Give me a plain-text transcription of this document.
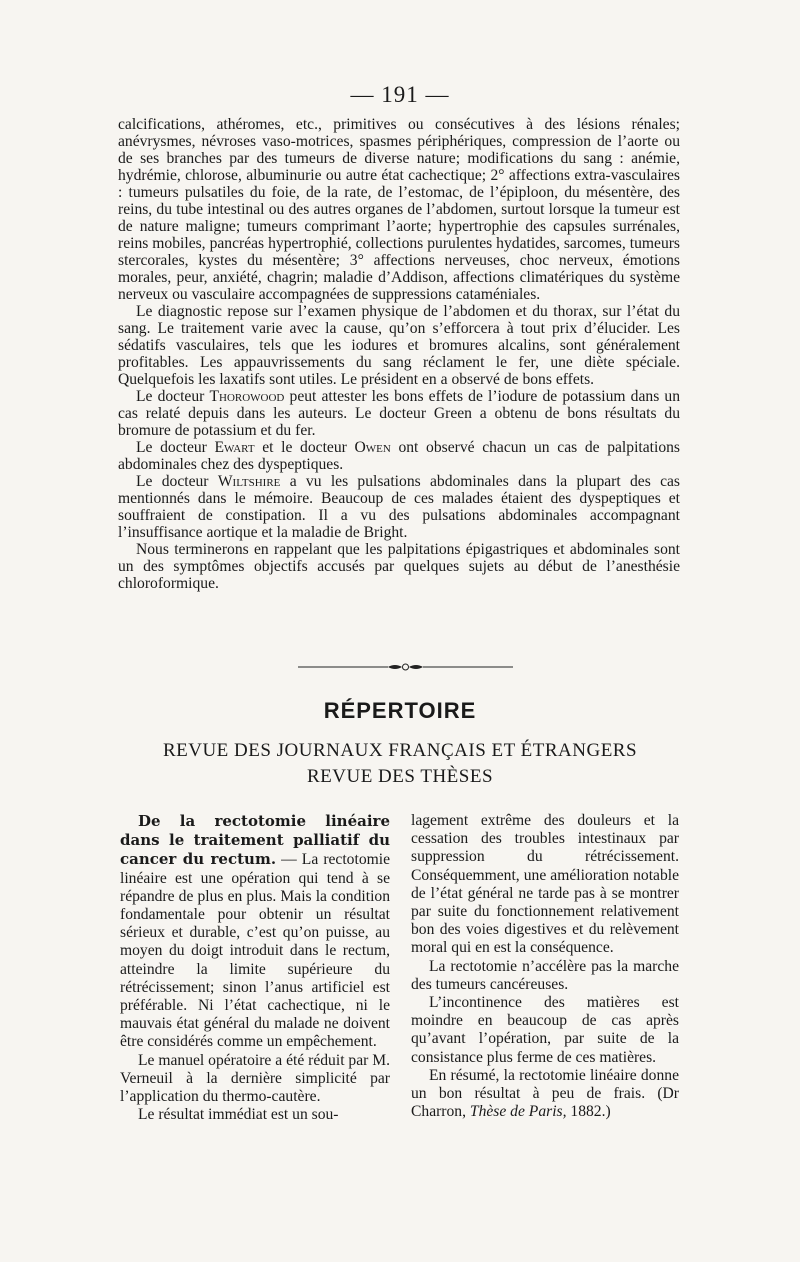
— 191 —

calcifications, athéromes, etc., primitives ou consécutives à des lésions rénales; anévrysmes, névroses vaso-motrices, spasmes périphériques, compression de l’aorte ou de ses branches par des tumeurs de diverse nature; modifications du sang : anémie, hydrémie, chlorose, albuminurie ou autre état cachectique; 2° affections extra-vasculaires : tumeurs pulsatiles du foie, de la rate, de l’estomac, de l’épiploon, du mésentère, des reins, du tube intestinal ou des autres organes de l’abdomen, surtout lorsque la tumeur est de nature maligne; tumeurs comprimant l’aorte; hypertrophie des capsules surrénales, reins mobiles, pancréas hypertrophié, collections purulentes hydatides, sarcomes, tumeurs stercorales, kystes du mésentère; 3° affections nerveuses, choc nerveux, émotions morales, peur, anxiété, chagrin; maladie d’Addison, affections climatériques du système nerveux ou vasculaire accompagnées de suppressions cataméniales.

Le diagnostic repose sur l’examen physique de l’abdomen et du thorax, sur l’état du sang. Le traitement varie avec la cause, qu’on s’efforcera à tout prix d’élucider. Les sédatifs vasculaires, tels que les iodures et bromures alcalins, sont généralement profitables. Les appauvrissements du sang réclament le fer, une diète spéciale. Quelquefois les laxatifs sont utiles. Le président en a observé de bons effets.

Le docteur Thorowood peut attester les bons effets de l’iodure de potassium dans un cas relaté depuis dans les auteurs. Le docteur Green a obtenu de bons résultats du bromure de potassium et du fer.

Le docteur Ewart et le docteur Owen ont observé chacun un cas de palpitations abdominales chez des dyspeptiques.

Le docteur Wiltshire a vu les pulsations abdominales dans la plupart des cas mentionnés dans le mémoire. Beaucoup de ces malades étaient des dyspeptiques et souffraient de constipation. Il a vu des pulsations abdominales accompagnant l’insuffisance aortique et la maladie de Bright.

Nous terminerons en rappelant que les palpitations épigastriques et abdominales sont un des symptômes objectifs accusés par quelques sujets au début de l’anesthésie chloroformique.

RÉPERTOIRE
REVUE DES JOURNAUX FRANÇAIS ET ÉTRANGERS
REVUE DES THÈSES

De la rectotomie linéaire dans le traitement palliatif du cancer du rectum. — La rectotomie linéaire est une opération qui tend à se répandre de plus en plus. Mais la condition fondamentale pour obtenir un résultat sérieux et durable, c’est qu’on puisse, au moyen du doigt introduit dans le rectum, atteindre la limite supérieure du rétrécissement; sinon l’anus artificiel est préférable. Ni l’état cachectique, ni le mauvais état général du malade ne doivent être considérés comme un empêchement.

Le manuel opératoire a été réduit par M. Verneuil à la dernière simplicité par l’application du thermo-cautère.

Le résultat immédiat est un sou-

lagement extrême des douleurs et la cessation des troubles intestinaux par suppression du rétrécissement. Conséquemment, une amélioration notable de l’état général ne tarde pas à se montrer par suite du fonctionnement relativement bon des voies digestives et du relèvement moral qui en est la conséquence.

La rectotomie n’accélère pas la marche des tumeurs cancéreuses.

L’incontinence des matières est moindre en beaucoup de cas après qu’avant l’opération, par suite de la consistance plus ferme de ces matières.

En résumé, la rectotomie linéaire donne un bon résultat à peu de frais. (Dr Charron, Thèse de Paris, 1882.)
